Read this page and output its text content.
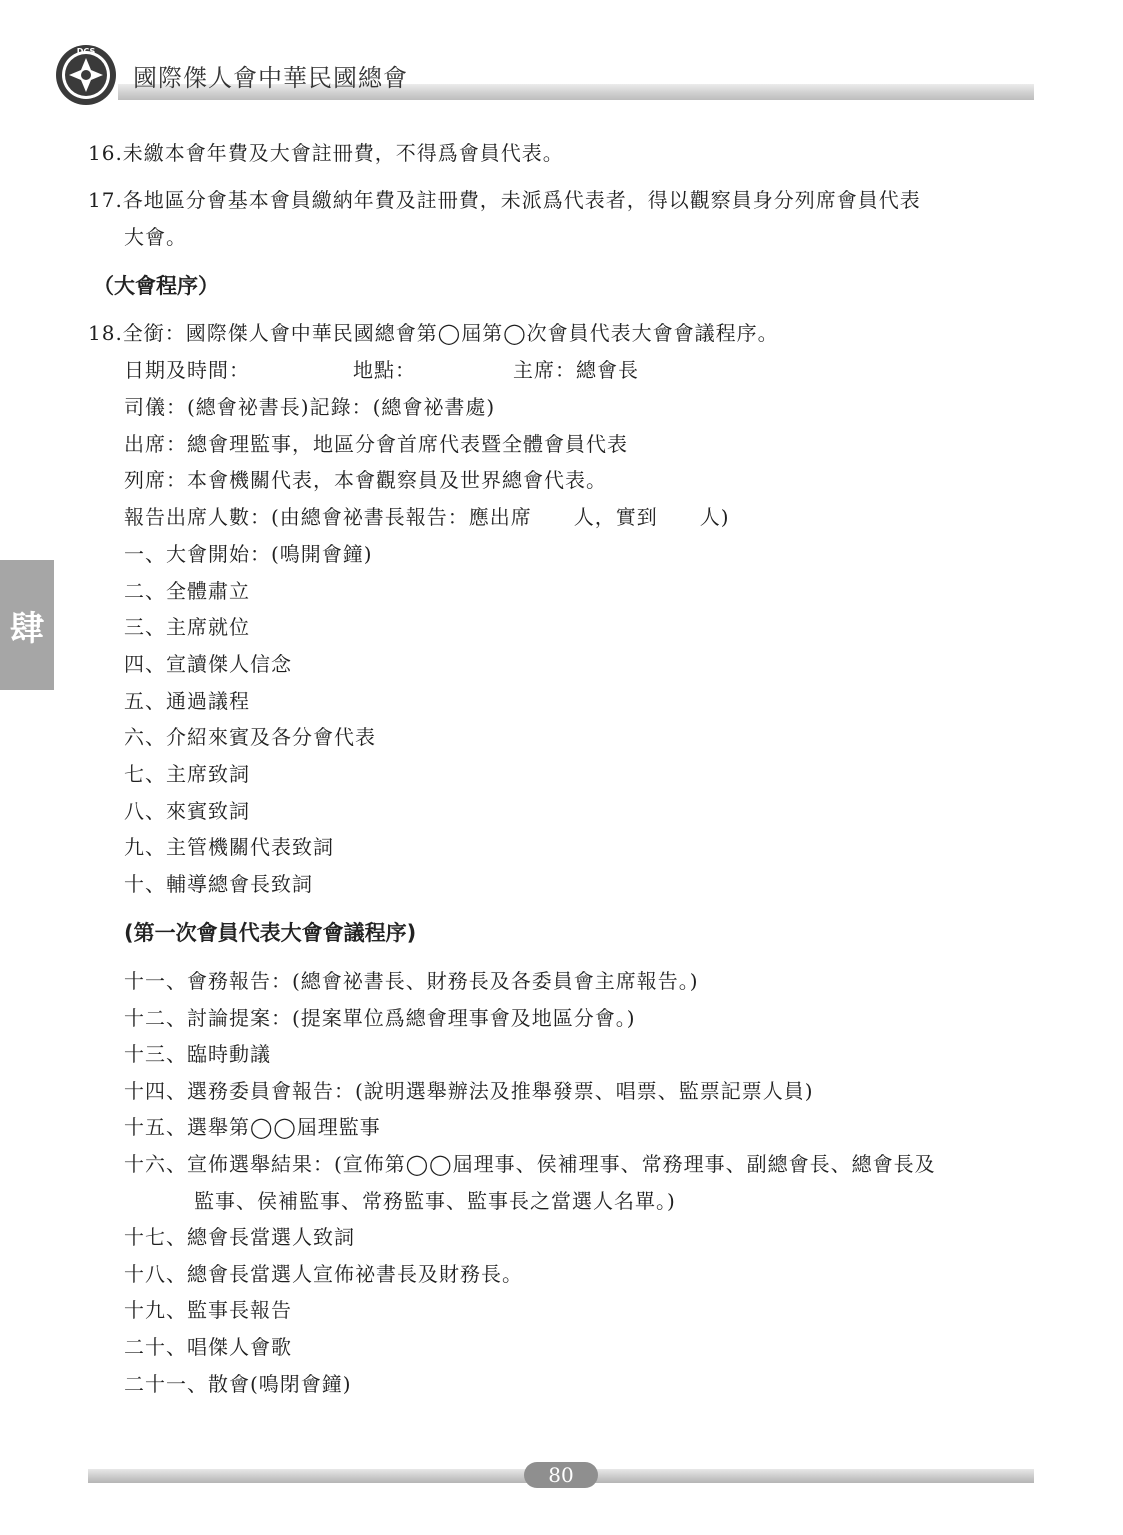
DCS
國際傑人會中華民國總會
肆
16.未繳本會年費及大會註冊費，不得爲會員代表。
17.各地區分會基本會員繳納年費及註冊費，未派爲代表者，得以觀察員身分列席會員代表
大會。
（大會程序）
18.全銜：國際傑人會中華民國總會第◯屆第◯次會員代表大會會議程序。
日期及時間：	地點：	主席：總會長
司儀：(總會祕書長)記錄：(總會祕書處)
出席：總會理監事，地區分會首席代表暨全體會員代表
列席：本會機關代表，本會觀察員及世界總會代表。
報告出席人數：(由總會祕書長報告：應出席　　人，實到　　人)
一、大會開始：(鳴開會鐘)
二、全體肅立
三、主席就位
四、宣讀傑人信念
五、通過議程
六、介紹來賓及各分會代表
七、主席致詞
八、來賓致詞
九、主管機關代表致詞
十、輔導總會長致詞
(第一次會員代表大會會議程序)
十一、會務報告：(總會祕書長、財務長及各委員會主席報告。)
十二、討論提案：(提案單位爲總會理事會及地區分會。)
十三、臨時動議
十四、選務委員會報告：(說明選舉辦法及推舉發票、唱票、監票記票人員)
十五、選舉第◯◯屆理監事
十六、宣佈選舉結果：(宣佈第◯◯屆理事、侯補理事、常務理事、副總會長、總會長及
監事、侯補監事、常務監事、監事長之當選人名單。)
十七、總會長當選人致詞
十八、總會長當選人宣佈祕書長及財務長。
十九、監事長報告
二十、唱傑人會歌
二十一、散會(鳴閉會鐘)
80
